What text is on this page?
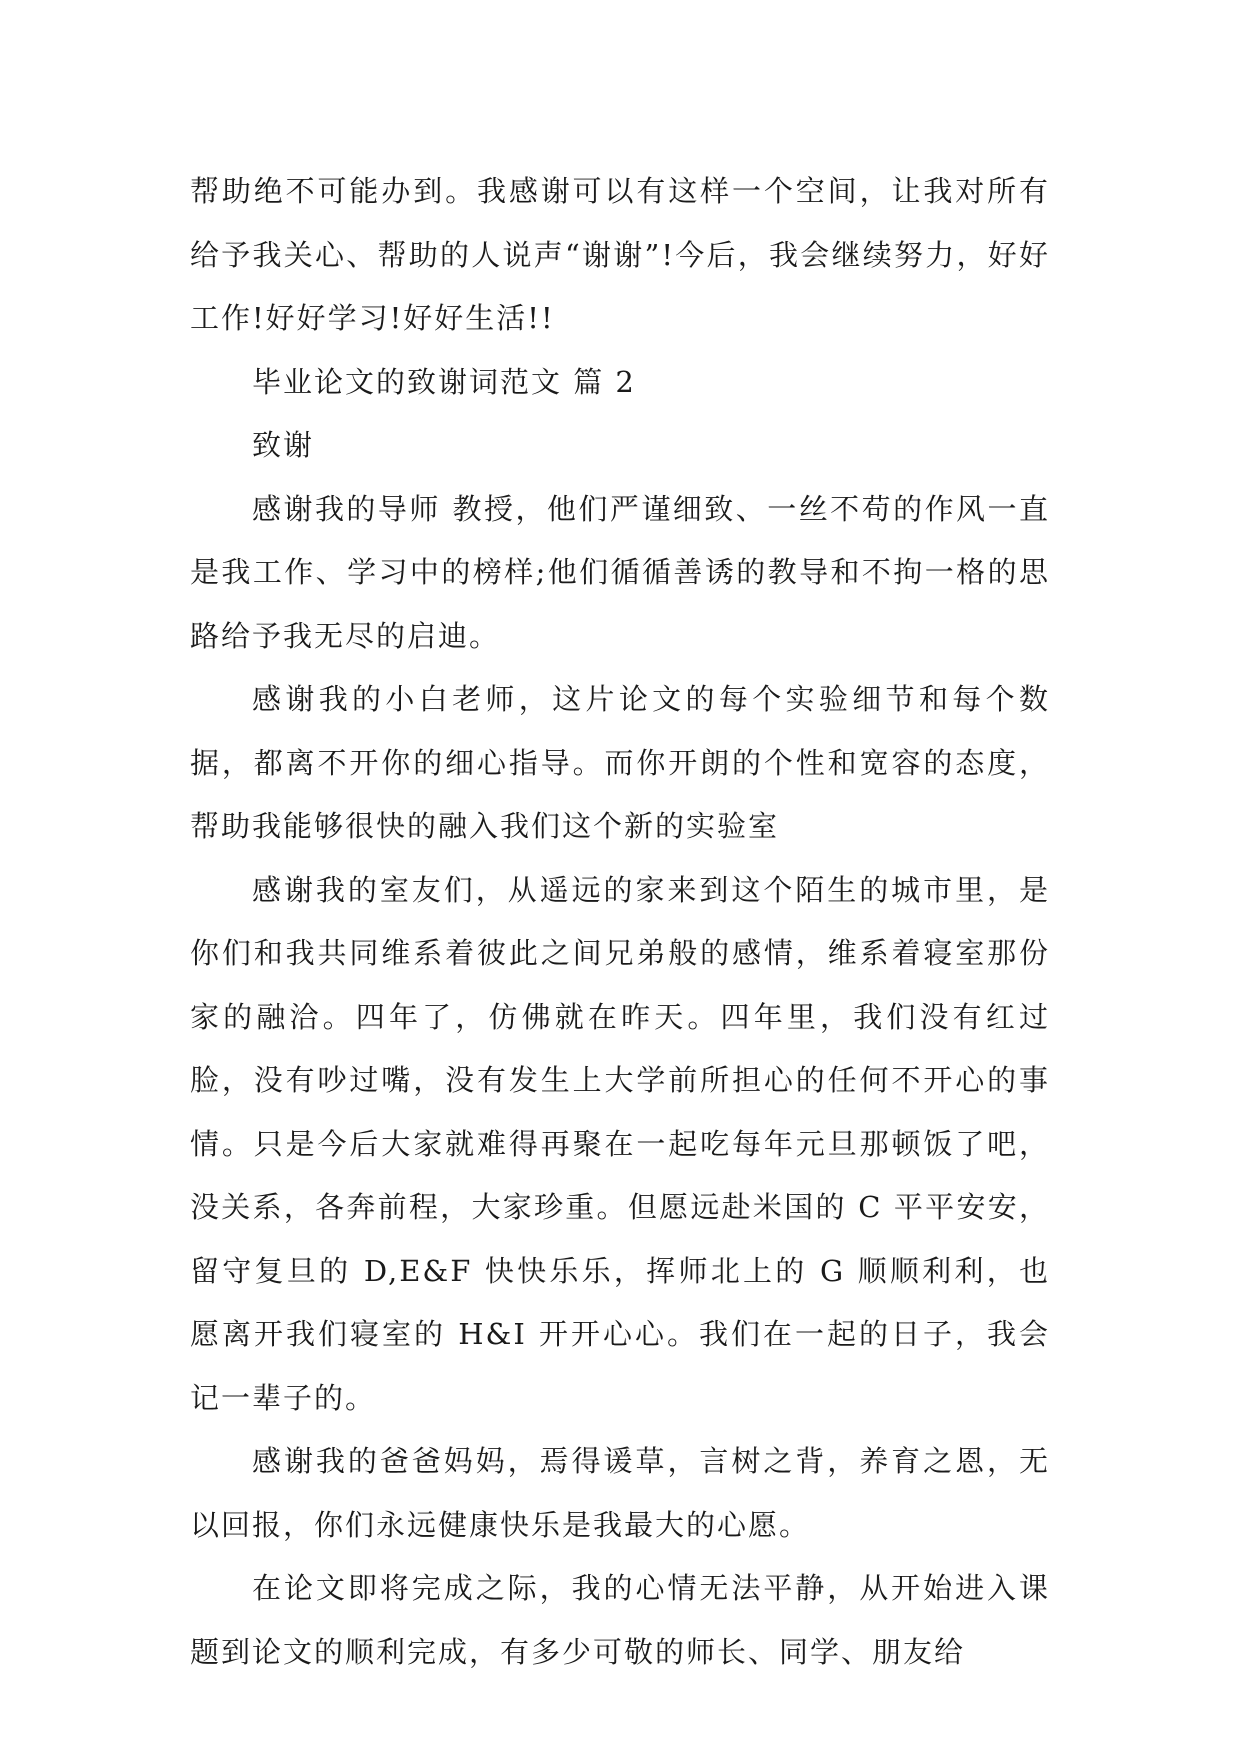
帮助绝不可能办到。我感谢可以有这样一个空间，让我对所有给予我关心、帮助的人说声“谢谢”!今后，我会继续努力，好好工作!好好学习!好好生活!!

毕业论文的致谢词范文 篇 2

致谢

感谢我的导师 教授，他们严谨细致、一丝不苟的作风一直是我工作、学习中的榜样;他们循循善诱的教导和不拘一格的思路给予我无尽的启迪。

感谢我的小白老师，这片论文的每个实验细节和每个数据，都离不开你的细心指导。而你开朗的个性和宽容的态度，帮助我能够很快的融入我们这个新的实验室

感谢我的室友们，从遥远的家来到这个陌生的城市里，是你们和我共同维系着彼此之间兄弟般的感情，维系着寝室那份家的融洽。四年了，仿佛就在昨天。四年里，我们没有红过脸，没有吵过嘴，没有发生上大学前所担心的任何不开心的事情。只是今后大家就难得再聚在一起吃每年元旦那顿饭了吧，没关系，各奔前程，大家珍重。但愿远赴米国的 C 平平安安，留守复旦的 D,E&F 快快乐乐，挥师北上的 G 顺顺利利，也愿离开我们寝室的 H&I 开开心心。我们在一起的日子，我会记一辈子的。

感谢我的爸爸妈妈，焉得谖草，言树之背，养育之恩，无以回报，你们永远健康快乐是我最大的心愿。

在论文即将完成之际，我的心情无法平静，从开始进入课题到论文的顺利完成，有多少可敬的师长、同学、朋友给
